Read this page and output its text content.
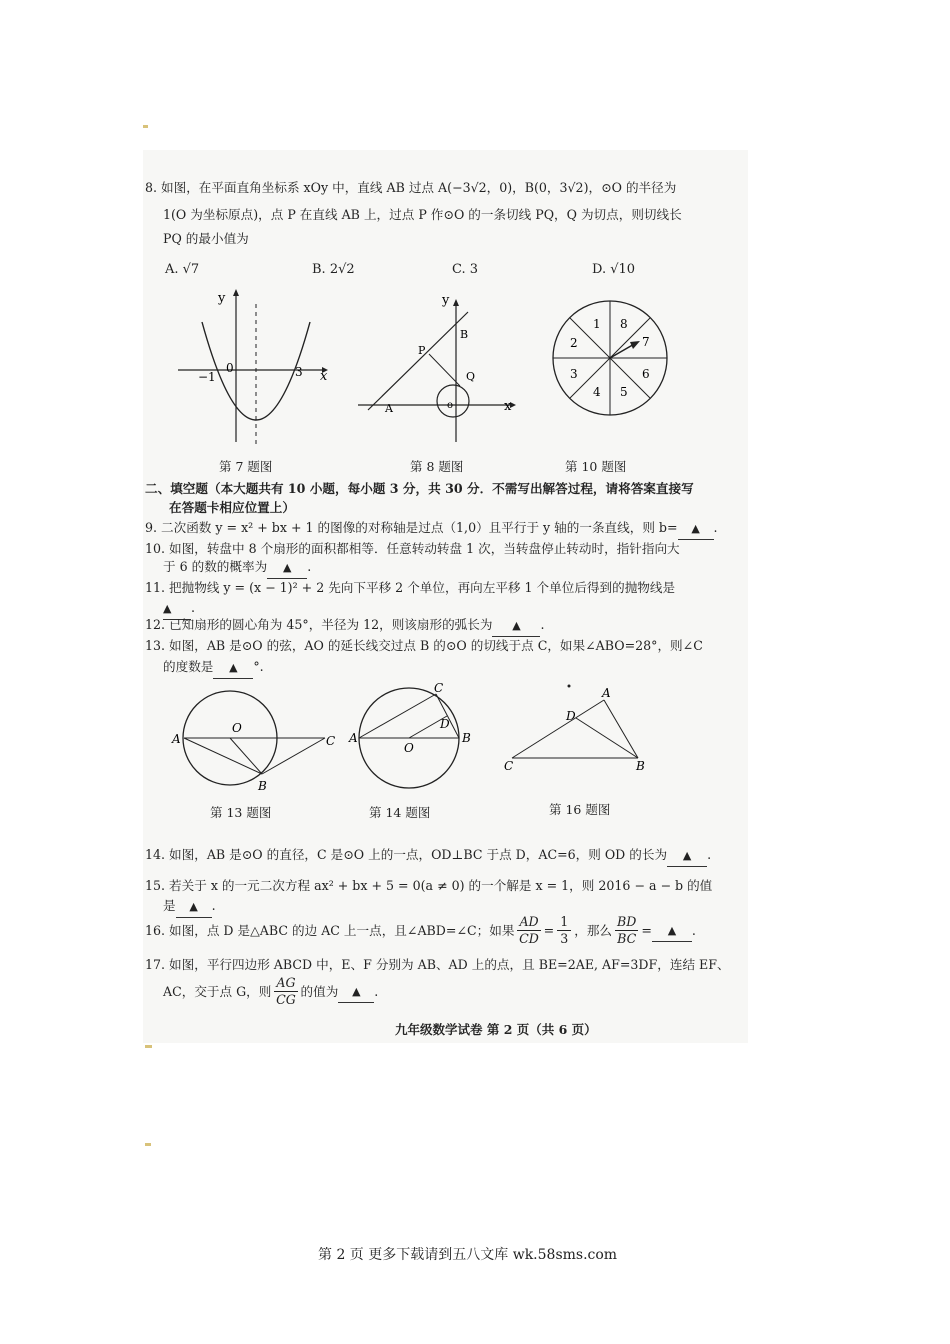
8. 如图，在平面直角坐标系 xOy 中，直线 AB 过点 A(−3√2，0)，B(0，3√2)，⊙O 的半径为
1(O 为坐标原点)，点 P 在直线 AB 上，过点 P 作⊙O 的一条切线 PQ，Q 为切点，则切线长
PQ 的最小值为
A. √7	B. 2√2	C. 3	D. √10
y
x
0
−1	3
y
x
o
A
B
P
Q
1
2
3
4 5
6
7
8
第 7 题图	第 8 题图	第 10 题图
二、填空题（本大题共有 10 小题，每小题 3 分，共 30 分．不需写出解答过程，请将答案直接写
在答题卡相应位置上）
9. 二次函数 y = x² + bx + 1 的图像的对称轴是过点（1,0）且平行于 y 轴的一条直线，则 b= ▲ .
10. 如图，转盘中 8 个扇形的面积都相等．任意转动转盘 1 次，当转盘停止转动时，指针指向大
于 6 的数的概率为 ▲ .
11. 把抛物线 y = (x − 1)² + 2 先向下平移 2 个单位，再向左平移 1 个单位后得到的抛物线是
▲ .
12. 已知扇形的圆心角为 45°，半径为 12，则该扇形的弧长为 ▲ .
13. 如图，AB 是⊙O 的弦，AO 的延长线交过点 B 的⊙O 的切线于点 C，如果∠ABO=28°，则∠C
的度数是 ▲ °.
A
O
C
B
A
O
B
C
D
A
D
C	B
第 13 题图	第 14 题图	第 16 题图
14. 如图，AB 是⊙O 的直径，C 是⊙O 上的一点，OD⊥BC 于点 D，AC=6，则 OD 的长为 ▲ .
15. 若关于 x 的一元二次方程 ax² + bx + 5 = 0(a ≠ 0) 的一个解是 x = 1，则 2016 − a − b 的值
是 ▲ .
16. 如图，点 D 是△ABC 的边 AC 上一点，且∠ABD=∠C；如果 $\frac{AD}{CD} = \frac{1}{3}$ ，那么 $\frac{BD}{BC}$ =	▲	.
17. 如图，平行四边形 ABCD 中，E、F 分别为 AB、AD 上的点，且 BE=2AE, AF=3DF，连结 EF、
AC，交于点 G，则
AG
CG
的值为	▲	.
九年级数学试卷 第 2 页（共 6 页）
第 2 页 更多下载请到五八文库 wk.58sms.com
